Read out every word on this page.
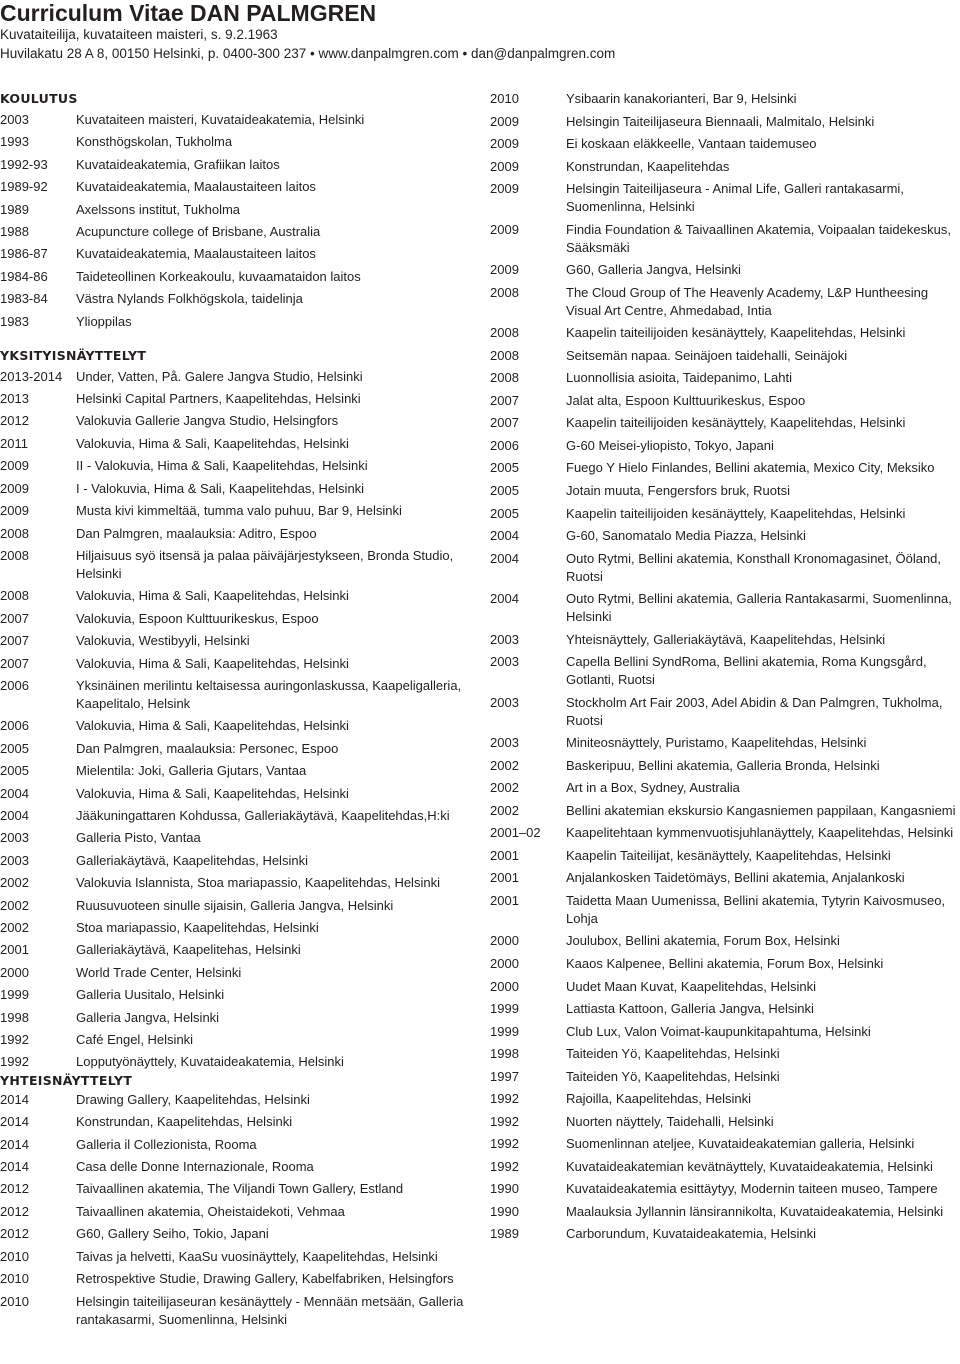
Curriculum Vitae DAN PALMGREN
Kuvataiteilija, kuvataiteen maisteri, s. 9.2.1963
Huvilakatu 28 A 8, 00150 Helsinki, p. 0400-300 237 • www.danpalmgren.com • dan@danpalmgren.com
KOULUTUS
2003	Kuvataiteen maisteri, Kuvataideakatemia, Helsinki
1993	Konsthögskolan, Tukholma
1992-93	Kuvataideakatemia, Grafiikan laitos
1989-92	Kuvataideakatemia, Maalaustaiteen laitos
1989	Axelssons institut, Tukholma
1988	Acupuncture college of Brisbane, Australia
1986-87	Kuvataideakatemia, Maalaustaiteen laitos
1984-86	Taideteollinen Korkeakoulu, kuvaamataidon laitos
1983-84	Västra Nylands Folkhögskola, taidelinja
1983	Ylioppilas
YKSITYISNÄYTTELYT
2013-2014	Under, Vatten, På. Galere Jangva Studio, Helsinki
2013	Helsinki Capital Partners, Kaapelitehdas, Helsinki
2012	Valokuvia Gallerie Jangva Studio, Helsingfors
2011	Valokuvia, Hima & Sali, Kaapelitehdas, Helsinki
2009	II - Valokuvia, Hima & Sali, Kaapelitehdas, Helsinki
2009	I - Valokuvia, Hima & Sali, Kaapelitehdas, Helsinki
2009	Musta kivi kimmeltää, tumma valo puhuu, Bar 9, Helsinki
2008	Dan Palmgren, maalauksia: Aditro, Espoo
2008	Hiljaisuus syö itsensä ja palaa päiväjärjestykseen, Bronda Studio, Helsinki
2008	Valokuvia, Hima & Sali, Kaapelitehdas, Helsinki
2007	Valokuvia, Espoon Kulttuurikeskus, Espoo
2007	Valokuvia, Westibyyli, Helsinki
2007	Valokuvia, Hima & Sali, Kaapelitehdas, Helsinki
2006	Yksinäinen merilintu keltaisessa auringonlaskussa, Kaapeligalleria, Kaapelitalo, Helsink
2006	Valokuvia, Hima & Sali, Kaapelitehdas, Helsinki
2005	Dan Palmgren, maalauksia: Personec, Espoo
2005	Mielentila: Joki, Galleria Gjutars, Vantaa
2004	Valokuvia, Hima & Sali, Kaapelitehdas, Helsinki
2004	Jääkuningattaren Kohdussa, Galleriakäytävä, Kaapelitehdas,H:ki
2003	Galleria Pisto, Vantaa
2003	Galleriakäytävä, Kaapelitehdas, Helsinki
2002	Valokuvia Islannista, Stoa mariapassio, Kaapelitehdas, Helsinki
2002	Ruusuvuoteen sinulle sijaisin, Galleria Jangva, Helsinki
2002	Stoa mariapassio, Kaapelitehdas, Helsinki
2001	Galleriakäytävä, Kaapelitehas, Helsinki
2000	World Trade Center, Helsinki
1999	Galleria Uusitalo, Helsinki
1998	Galleria Jangva, Helsinki
1992	Café Engel, Helsinki
1992	Lopputyönäyttely, Kuvataideakatemia, Helsinki
YHTEISNÄYTTELYT
2014	Drawing Gallery, Kaapelitehdas, Helsinki
2014	Konstrundan, Kaapelitehdas, Helsinki
2014	Galleria il Collezionista, Rooma
2014	Casa delle Donne Internazionale, Rooma
2012	Taivaallinen akatemia, The Viljandi Town Gallery, Estland
2012	Taivaallinen akatemia, Oheistaidekoti, Vehmaa
2012	G60, Gallery Seiho, Tokio, Japani
2010	Taivas ja helvetti, KaaSu vuosinäyttely, Kaapelitehdas, Helsinki
2010	Retrospektive Studie, Drawing Gallery, Kabelfabriken, Helsingfors
2010	Helsingin taiteilijaseuran kesänäyttely - Mennään metsään, Galleria rantakasarmi, Suomenlinna, Helsinki
2010	Ysibaarin kanakorianteri, Bar 9, Helsinki
2009	Helsingin Taiteilijaseura Biennaali, Malmitalo, Helsinki
2009	Ei koskaan eläkkeelle, Vantaan taidemuseo
2009	Konstrundan, Kaapelitehdas
2009	Helsingin Taiteilijaseura - Animal Life, Galleri rantakasarmi, Suomenlinna, Helsinki
2009	Findia Foundation & Taivaallinen Akatemia, Voipaalan taidekeskus, Sääksmäki
2009	G60, Galleria Jangva, Helsinki
2008	The Cloud Group of The Heavenly Academy, L&P Huntheesing Visual Art Centre, Ahmedabad, Intia
2008	Kaapelin taiteilijoiden kesänäyttely, Kaapelitehdas, Helsinki
2008	Seitsemän napaa. Seinäjoen taidehalli, Seinäjoki
2008	Luonnollisia asioita, Taidepanimo, Lahti
2007	Jalat alta, Espoon Kulttuurikeskus, Espoo
2007	Kaapelin taiteilijoiden kesänäyttely, Kaapelitehdas, Helsinki
2006	G-60 Meisei-yliopisto, Tokyo, Japani
2005	Fuego Y Hielo Finlandes, Bellini akatemia, Mexico City, Meksiko
2005	Jotain muuta, Fengersfors bruk, Ruotsi
2005	Kaapelin taiteilijoiden kesänäyttely, Kaapelitehdas, Helsinki
2004	G-60, Sanomatalo Media Piazza, Helsinki
2004	Outo Rytmi, Bellini akatemia, Konsthall Kronomagasinet, Ööland, Ruotsi
2004	Outo Rytmi, Bellini akatemia, Galleria Rantakasarmi, Suomenlinna, Helsinki
2003	Yhteisnäyttely, Galleriakäytävä, Kaapelitehdas, Helsinki
2003	Capella Bellini SyndRoma, Bellini akatemia, Roma Kungsgård, Gotlanti, Ruotsi
2003	Stockholm Art Fair 2003, Adel Abidin & Dan Palmgren, Tukholma, Ruotsi
2003	Miniteosnäyttely, Puristamo, Kaapelitehdas, Helsinki
2002	Baskeripuu, Bellini akatemia, Galleria Bronda, Helsinki
2002	Art in a Box, Sydney, Australia
2002	Bellini akatemian ekskursio Kangasniemen pappilaan, Kangasniemi
2001–02	Kaapelitehtaan kymmenvuotisjuhlanäyttely, Kaapelitehdas, Helsinki
2001	Kaapelin Taiteilijat, kesänäyttely, Kaapelitehdas, Helsinki
2001	Anjalankosken Taidetömäys, Bellini akatemia, Anjalankoski
2001	Taidetta Maan Uumenissa, Bellini akatemia, Tytyrin Kaivosmuseo, Lohja
2000	Joulubox, Bellini akatemia, Forum Box, Helsinki
2000	Kaaos Kalpenee, Bellini akatemia, Forum Box, Helsinki
2000	Uudet Maan Kuvat, Kaapelitehdas, Helsinki
1999	Lattiasta Kattoon, Galleria Jangva, Helsinki
1999	Club Lux, Valon Voimat-kaupunkitapahtuma, Helsinki
1998	Taiteiden Yö, Kaapelitehdas, Helsinki
1997	Taiteiden Yö, Kaapelitehdas, Helsinki
1992	Rajoilla, Kaapelitehdas, Helsinki
1992	Nuorten näyttely, Taidehalli, Helsinki
1992	Suomenlinnan ateljee, Kuvataideakatemian galleria, Helsinki
1992	Kuvataideakatemian kevätnäyttely, Kuvataideakatemia, Helsinki
1990	Kuvataideakatemia esittäytyy, Modernin taiteen museo, Tampere
1990	Maalauksia Jyllannin länsirannikolta, Kuvataideakatemia, Helsinki
1989	Carborundum, Kuvataideakatemia, Helsinki
